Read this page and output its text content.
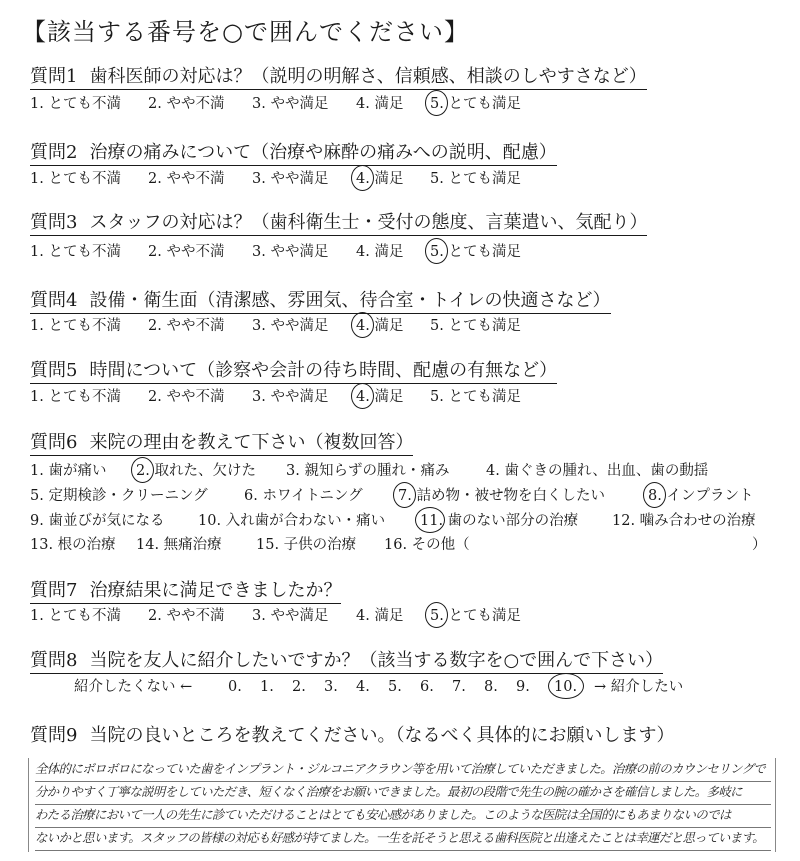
【該当する番号を○で囲んでください】
質問1 歯科医師の対応は？（説明の明解さ、信頼感、相談のしやすさなど）
1. とても不満 2. やや不満 3. やや満足 4. 満足 5. とても満足
質問2 治療の痛みについて（治療や麻酔の痛みへの説明、配慮）
1. とても不満 2. やや不満 3. やや満足 4. 満足 5. とても満足
質問3 スタッフの対応は？（歯科衛生士・受付の態度、言葉遣い、気配り）
1. とても不満 2. やや不満 3. やや満足 4. 満足 5. とても満足
質問4 設備・衛生面（清潔感、雰囲気、待合室・トイレの快適さなど）
1. とても不満 2. やや不満 3. やや満足 4. 満足 5. とても満足
質問5 時間について（診察や会計の待ち時間、配慮の有無など）
1. とても不満 2. やや不満 3. やや満足 4. 満足 5. とても満足
質問6 来院の理由を教えて下さい（複数回答）
1. 歯が痛い 2. 取れた、欠けた 3. 親知らずの腫れ・痛み	4. 歯ぐきの腫れ、出血、歯の動揺
5. 定期検診・クリーニング	6. ホワイトニング 7. 詰め物・被せ物を白くしたい	8. インプラント
9. 歯並びが気になる 10. 入れ歯が合わない・痛い 11. 歯のない部分の治療 12. 噛み合わせの治療
13. 根の治療 14. 無痛治療 15. 子供の治療 16. その他（	）
質問7 治療結果に満足できましたか？
1. とても不満 2. やや不満 3. やや満足 4. 満足 5. とても満足
質問8 当院を友人に紹介したいですか？（該当する数字を○で囲んで下さい）
紹介したくない ← 0. 1. 2. 3. 4. 5. 6. 7. 8. 9. 10. → 紹介したい
質問9 当院の良いところを教えてください。（なるべく具体的にお願いします）
全体的にボロボロになっていた歯をインプラント・ジルコニアクラウン等を用いて治療していただきました。治療の前のカウンセリングで
分かりやすく丁寧な説明をしていただき、短くなく治療をお願いできました。最初の段階で先生の腕の確かさを確信しました。多岐に
わたる治療において一人の先生に診ていただけることはとても安心感がありました。このような医院は全国的にもあまりないのでは
ないかと思います。スタッフの皆様の対応も好感が持てました。一生を託そうと思える歯科医院と出逢えたことは幸運だと思っています。
